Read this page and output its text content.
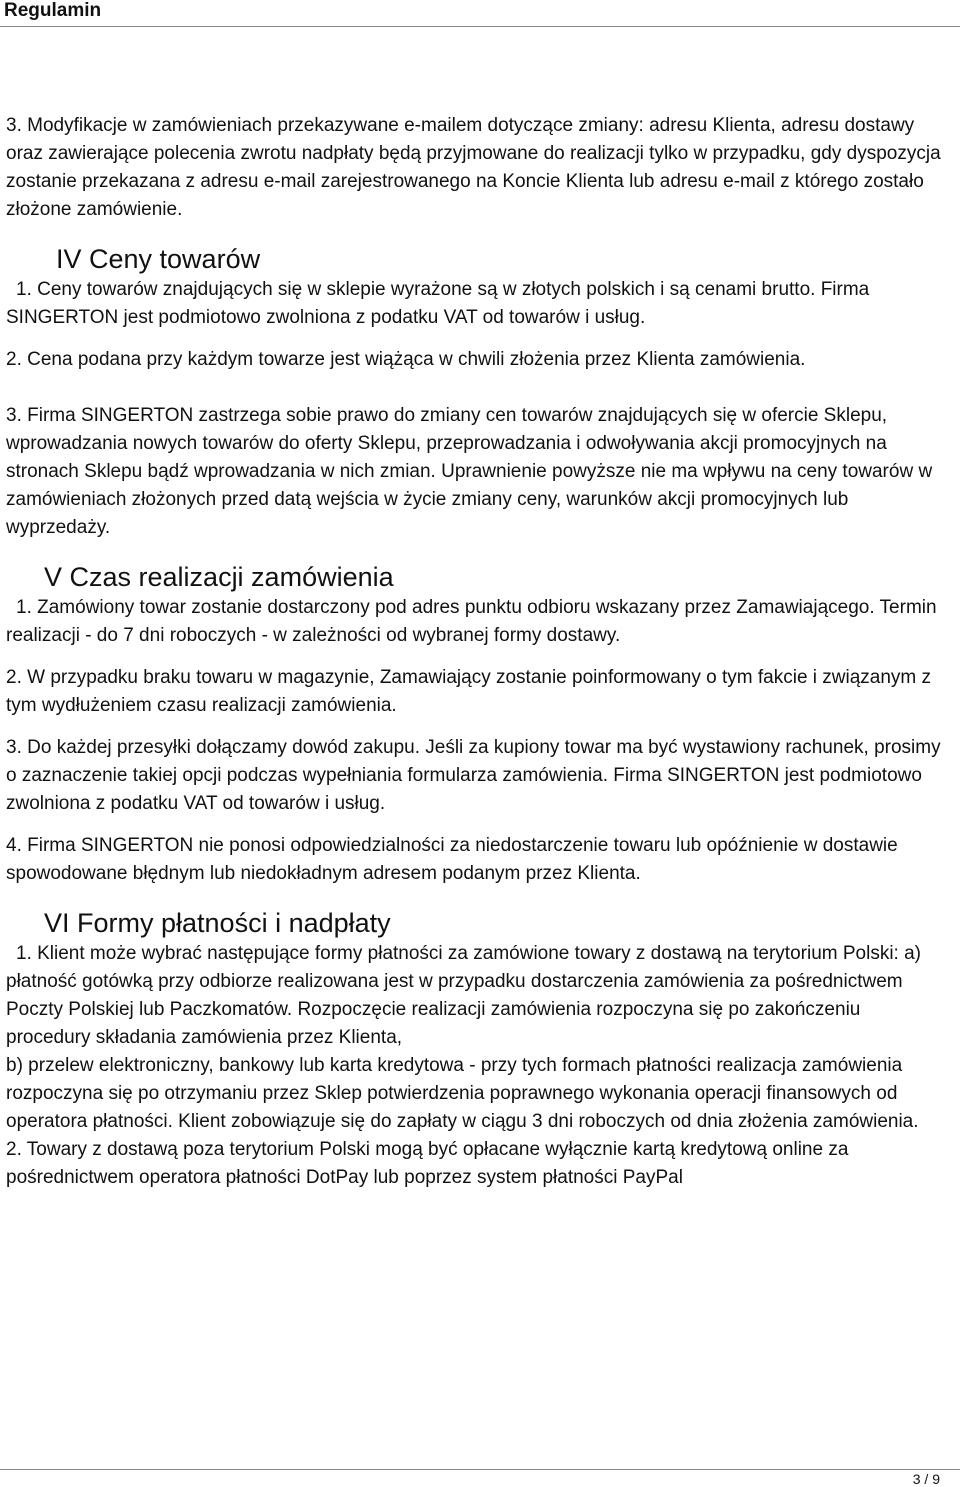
Regulamin

3. Modyfikacje w zamówieniach przekazywane e-mailem dotyczące zmiany: adresu Klienta, adresu dostawy oraz zawierające polecenia zwrotu nadpłaty będą przyjmowane do realizacji tylko w przypadku, gdy dyspozycja zostanie przekazana z adresu e-mail zarejestrowanego na Koncie Klienta lub adresu e-mail z którego zostało złożone zamówienie.

IV Ceny towarów

1. Ceny towarów znajdujących się w sklepie wyrażone są w złotych polskich i są cenami brutto. Firma SINGERTON jest podmiotowo zwolniona z podatku VAT od towarów i usług.

2. Cena podana przy każdym towarze jest wiążąca w chwili złożenia przez Klienta zamówienia.

3. Firma SINGERTON zastrzega sobie prawo do zmiany cen towarów znajdujących się w ofercie Sklepu, wprowadzania nowych towarów do oferty Sklepu, przeprowadzania i odwoływania akcji promocyjnych na stronach Sklepu bądź wprowadzania w nich zmian. Uprawnienie powyższe nie ma wpływu na ceny towarów w zamówieniach złożonych przed datą wejścia w życie zmiany ceny, warunków akcji promocyjnych lub wyprzedaży.

V Czas realizacji zamówienia

1. Zamówiony towar zostanie dostarczony pod adres punktu odbioru wskazany przez Zamawiającego. Termin realizacji - do 7 dni roboczych - w zależności od wybranej formy dostawy.

2. W przypadku braku towaru w magazynie, Zamawiający zostanie poinformowany o tym fakcie i związanym z tym wydłużeniem czasu realizacji zamówienia.

3. Do każdej przesyłki dołączamy dowód zakupu. Jeśli za kupiony towar ma być wystawiony rachunek, prosimy o zaznaczenie takiej opcji podczas wypełniania formularza zamówienia. Firma SINGERTON jest podmiotowo zwolniona z podatku VAT od towarów i usług.

4. Firma SINGERTON nie ponosi odpowiedzialności za niedostarczenie towaru lub opóźnienie w dostawie spowodowane błędnym lub niedokładnym adresem podanym przez Klienta.

VI Formy płatności i nadpłaty

1. Klient może wybrać następujące formy płatności za zamówione towary z dostawą na terytorium Polski: a) płatność gotówką przy odbiorze realizowana jest w przypadku dostarczenia zamówienia za pośrednictwem Poczty Polskiej lub Paczkomatów. Rozpoczęcie realizacji zamówienia rozpoczyna się po zakończeniu procedury składania zamówienia przez Klienta,

b) przelew elektroniczny, bankowy lub karta kredytowa - przy tych formach płatności realizacja zamówienia rozpoczyna się po otrzymaniu przez Sklep potwierdzenia poprawnego wykonania operacji finansowych od operatora płatności. Klient zobowiązuje się do zapłaty w ciągu 3 dni roboczych od dnia złożenia zamówienia.

2. Towary z dostawą poza terytorium Polski mogą być opłacane wyłącznie kartą kredytową online za pośrednictwem operatora płatności DotPay lub poprzez system płatności PayPal

3 / 9
